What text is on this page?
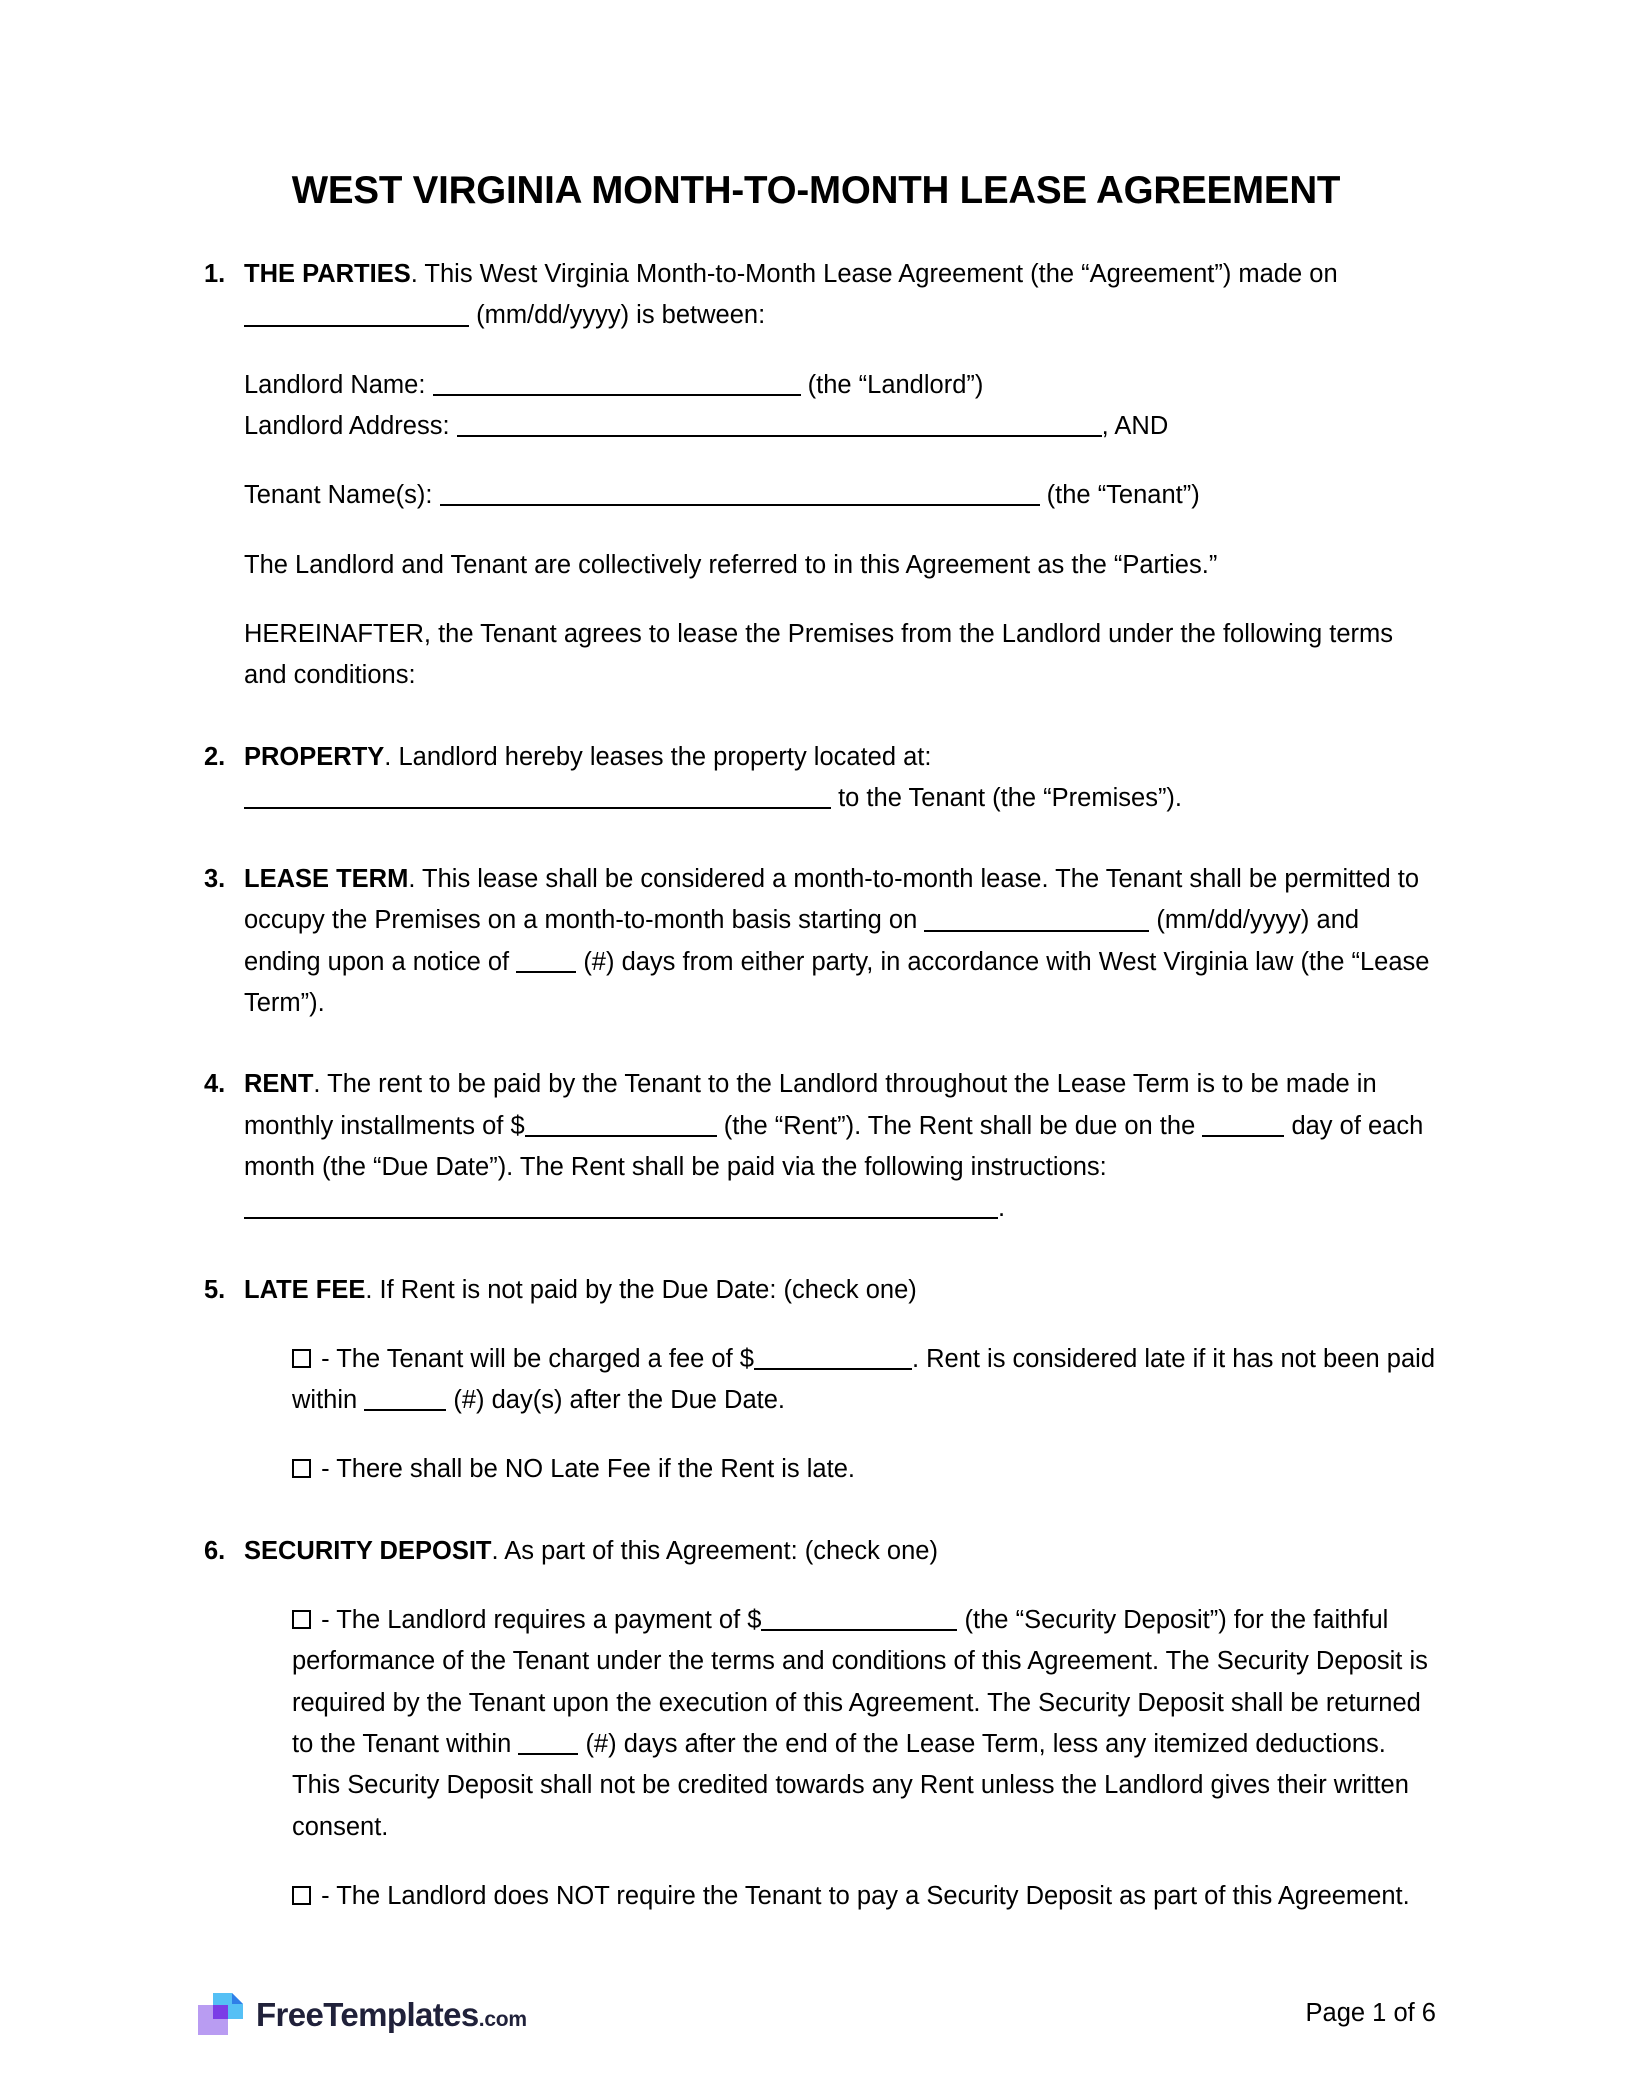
WEST VIRGINIA MONTH-TO-MONTH LEASE AGREEMENT
1. THE PARTIES. This West Virginia Month-to-Month Lease Agreement (the “Agreement”) made on  (mm/dd/yyyy) is between:

Landlord Name:	(the “Landlord”)
Landlord Address:	, AND

Tenant Name(s):	(the “Tenant”)

The Landlord and Tenant are collectively referred to in this Agreement as the “Parties.”

HEREINAFTER, the Tenant agrees to lease the Premises from the Landlord under the following terms and conditions:

2. PROPERTY. Landlord hereby leases the property located at:
to the Tenant (the “Premises”).

3. LEASE TERM. This lease shall be considered a month-to-month lease. The Tenant shall be permitted to occupy the Premises on a month-to-month basis starting on	(mm/dd/yyyy) and ending upon a notice of  (#) days from either party, in accordance with West Virginia law (the “Lease Term”).

4. RENT. The rent to be paid by the Tenant to the Landlord throughout the Lease Term is to be made in monthly installments of $	(the “Rent”). The Rent shall be due on the	day of each month (the “Due Date”). The Rent shall be paid via the following instructions: .

5. LATE FEE. If Rent is not paid by the Due Date: (check one)

- The Tenant will be charged a fee of $	. Rent is considered late if it has not been paid within	(#) day(s) after the Due Date.

- There shall be NO Late Fee if the Rent is late.

6. SECURITY DEPOSIT. As part of this Agreement: (check one)

- The Landlord requires a payment of $	(the “Security Deposit”) for the faithful performance of the Tenant under the terms and conditions of this Agreement. The Security Deposit is required by the Tenant upon the execution of this Agreement. The Security Deposit shall be returned to the Tenant within  (#) days after the end of the Lease Term, less any itemized deductions. This Security Deposit shall not be credited towards any Rent unless the Landlord gives their written consent.

- The Landlord does NOT require the Tenant to pay a Security Deposit as part of this Agreement.

FreeTemplates.com	Page 1 of 6
